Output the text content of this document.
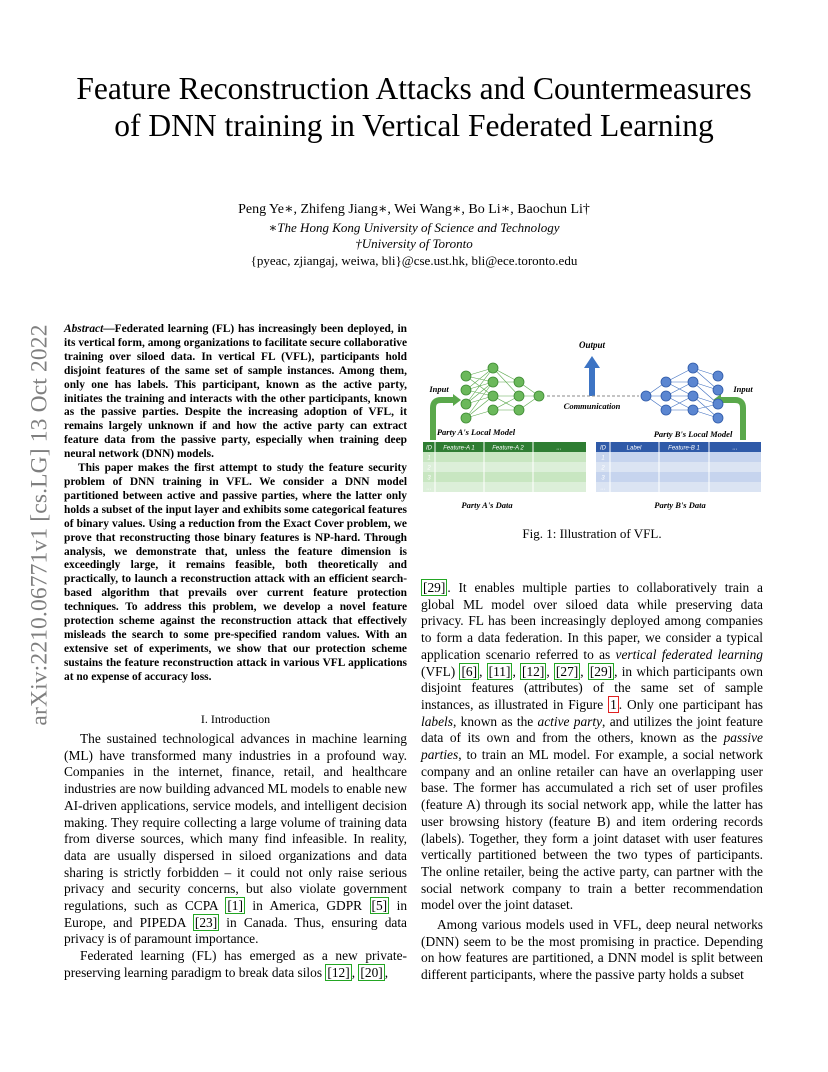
Feature Reconstruction Attacks and Countermeasures of DNN training in Vertical Federated Learning
Peng Ye∗, Zhifeng Jiang∗, Wei Wang∗, Bo Li∗, Baochun Li†
∗The Hong Kong University of Science and Technology
†University of Toronto
{pyeac, zjiangaj, weiwa, bli}@cse.ust.hk, bli@ece.toronto.edu
arXiv:2210.06771v1 [cs.LG] 13 Oct 2022 Abstract—Federated learning (FL) has increasingly been deployed, in its vertical form, among organizations to facilitate secure collaborative training over siloed data. In vertical FL (VFL), participants hold disjoint features of the same set of sample instances. Among them, only one has labels. This participant, known as the active party, initiates the training and interacts with the other participants, known as the passive parties. Despite the increasing adoption of VFL, it remains largely unknown if and how the active party can extract feature data from the passive party, especially when training deep neural network (DNN) models.

This paper makes the first attempt to study the feature security problem of DNN training in VFL. We consider a DNN model partitioned between active and passive parties, where the latter only holds a subset of the input layer and exhibits some categorical features of binary values. Using a reduction from the Exact Cover problem, we prove that reconstructing those binary features is NP-hard. Through analysis, we demonstrate that, unless the feature dimension is exceedingly large, it remains feasible, both theoretically and practically, to launch a reconstruction attack with an efficient search-based algorithm that prevails over current feature protection techniques. To address this problem, we develop a novel feature protection scheme against the reconstruction attack that effectively misleads the search to some pre-specified random values. With an extensive set of experiments, we show that our protection scheme sustains the feature reconstruction attack in various VFL applications at no expense of accuracy loss.

I. Introduction

The sustained technological advances in machine learning (ML) have transformed many industries in a profound way. Companies in the internet, finance, retail, and healthcare industries are now building advanced ML models to enable new AI-driven applications, service models, and intelligent decision making. They require collecting a large volume of training data from diverse sources, which many find infeasible. In reality, data are usually dispersed in siloed organizations and data sharing is strictly forbidden – it could not only raise serious privacy and security concerns, but also violate government regulations, such as CCPA [1] in America, GDPR [5] in Europe, and PIPEDA [23] in Canada. Thus, ensuring data privacy is of paramount importance.

Federated learning (FL) has emerged as a new private-preserving learning paradigm to break data silos [12] , [20] ,

Output
Input	Input
Communication
Party A's Local Model	Party B's Local Model
ID Feature-A 1	Feature-A 2	...
1
2
3
...
ID	Label	Feature-B 1	...
1
2
3
...
Party A's Data	Party B's Data
Fig. 1: Illustration of VFL.

[29] . It enables multiple parties to collaboratively train a global ML model over siloed data while preserving data privacy. FL has been increasingly deployed among companies to form a data federation. In this paper, we consider a typical application scenario referred to as vertical federated learning (VFL) [6] , [11] , [12] , [27] , [29] , in which participants own disjoint features (attributes) of the same set of sample instances, as illustrated in Figure 1 . Only one participant has labels, known as the active party, and utilizes the joint feature data of its own and from the others, known as the passive parties, to train an ML model. For example, a social network company and an online retailer can have an overlapping user base. The former has accumulated a rich set of user profiles (feature A) through its social network app, while the latter has user browsing history (feature B) and item ordering records (labels). Together, they form a joint dataset with user features vertically partitioned between the two types of participants. The online retailer, being the active party, can partner with the social network company to train a better recommendation model over the joint dataset.

Among various models used in VFL, deep neural networks (DNN) seem to be the most promising in practice. Depending on how features are partitioned, a DNN model is split between different participants, where the passive party holds a subset
